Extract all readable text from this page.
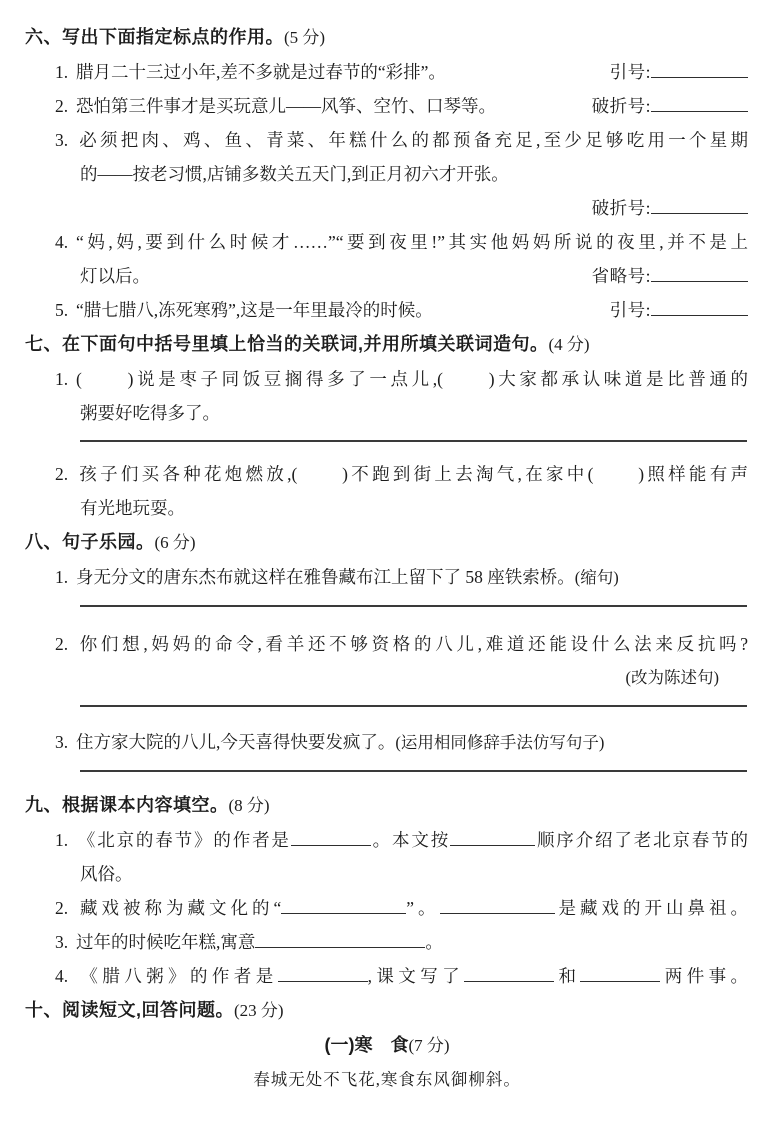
六、写出下面指定标点的作用。(5 分)
1. 腊月二十三过小年,差不多就是过春节的“彩排”。	引号:
2. 恐怕第三件事才是买玩意儿——风筝、空竹、口琴等。	破折号:
3. 必须把肉、鸡、鱼、青菜、年糕什么的都预备充足,至少足够吃用一个星期
的——按老习惯,店铺多数关五天门,到正月初六才开张。
破折号:
4. “妈,妈,要到什么时候才……”“要到夜里!”其实他妈妈所说的夜里,并不是上
灯以后。	省略号:
5. “腊七腊八,冻死寒鸦”,这是一年里最冷的时候。	引号:
七、在下面句中括号里填上恰当的关联词,并用所填关联词造句。(4 分)
1. (　　)说是枣子同饭豆搁得多了一点儿,(　　)大家都承认味道是比普通的
粥要好吃得多了。
2. 孩子们买各种花炮燃放,(　　)不跑到街上去淘气,在家中(　　)照样能有声
有光地玩耍。
八、句子乐园。(6 分)
1. 身无分文的唐东杰布就这样在雅鲁藏布江上留下了 58 座铁索桥。(缩句)
2. 你们想,妈妈的命令,看羊还不够资格的八儿,难道还能设什么法来反抗吗?
(改为陈述句)
3. 住方家大院的八儿,今天喜得快要发疯了。(运用相同修辞手法仿写句子)
九、根据课本内容填空。(8 分)
1. 《北京的春节》的作者是	。本文按	顺序介绍了老北京春节的
风俗。
2. 藏戏被称为藏文化的“	”。	是藏戏的开山鼻祖。
3. 过年的时候吃年糕,寓意	。
4. 《腊八粥》的作者是	,课文写了	和	两件事。
十、阅读短文,回答问题。(23 分)
(一)寒　食(7 分)
春城无处不飞花,寒食东风御柳斜。
